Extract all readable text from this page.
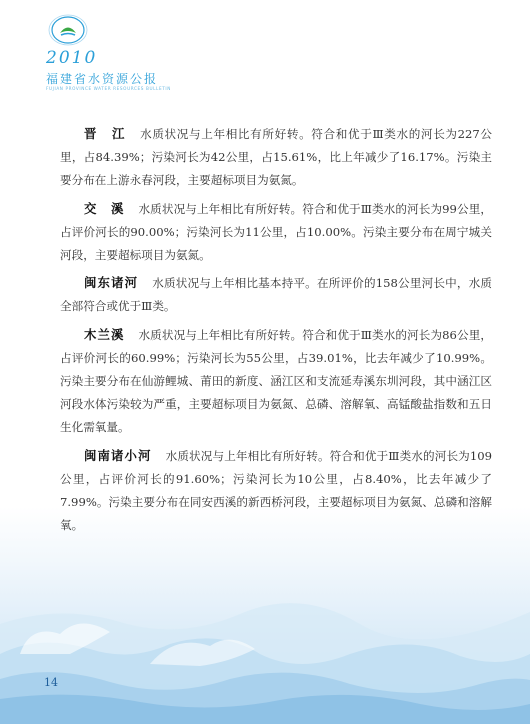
2010
福建省水资源公报
FUJIAN PROVINCE WATER RESOURCES BULLETIN

晋　江 水质状况与上年相比有所好转。符合和优于Ⅲ类水的河长为227公里，占84.39%；污染河长为42公里，占15.61%，比上年减少了16.17%。污染主要分布在上游永春河段，主要超标项目为氨氮。

交　溪 水质状况与上年相比有所好转。符合和优于Ⅲ类水的河长为99公里，占评价河长的90.00%；污染河长为11公里，占10.00%。污染主要分布在周宁城关河段，主要超标项目为氨氮。

闽东诸河 水质状况与上年相比基本持平。在所评价的158公里河长中，水质全部符合或优于Ⅲ类。

木兰溪 水质状况与上年相比有所好转。符合和优于Ⅲ类水的河长为86公里，占评价河长的60.99%；污染河长为55公里，占39.01%，比去年减少了10.99%。污染主要分布在仙游鲤城、莆田的新度、涵江区和支流延寿溪东圳河段，其中涵江区河段水体污染较为严重，主要超标项目为氨氮、总磷、溶解氧、高锰酸盐指数和五日生化需氧量。

闽南诸小河 水质状况与上年相比有所好转。符合和优于Ⅲ类水的河长为109公里，占评价河长的91.60%；污染河长为10公里，占8.40%，比去年减少了7.99%。污染主要分布在同安西溪的新西桥河段，主要超标项目为氨氮、总磷和溶解氧。

14
